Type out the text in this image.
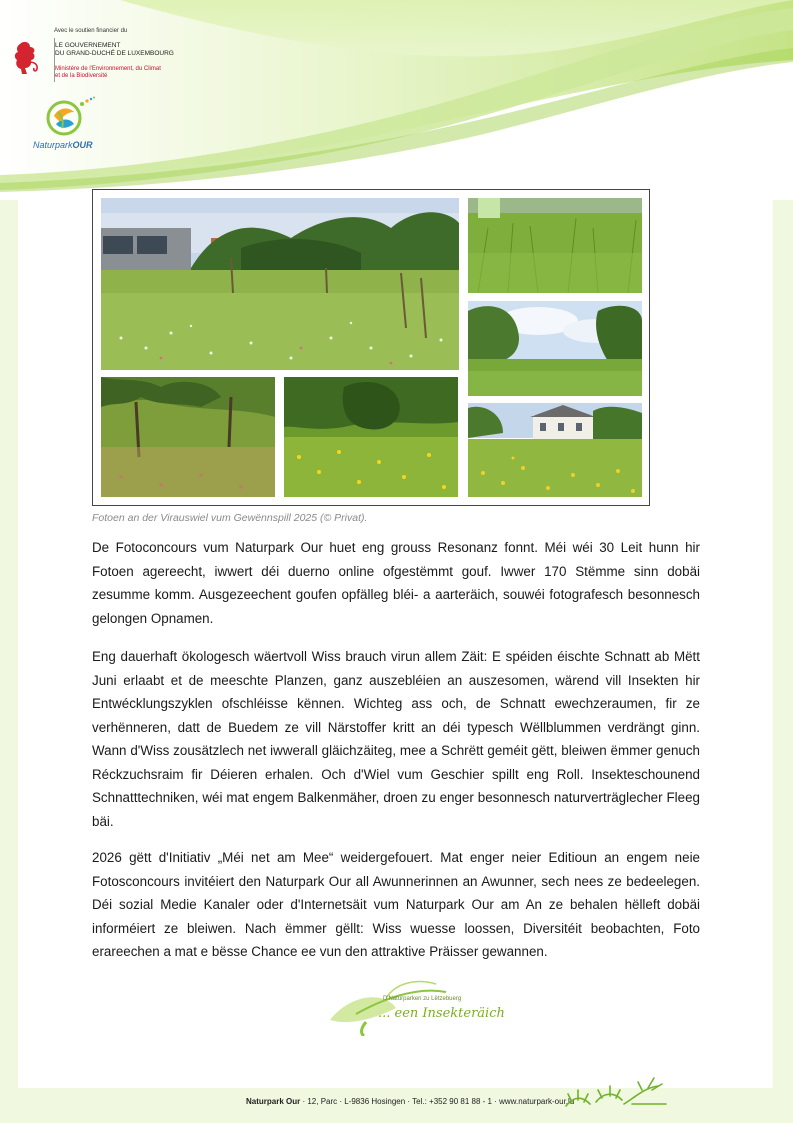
Avec le soutien financier du
LE GOUVERNEMENT
DU GRAND-DUCHÉ DE LUXEMBOURG
Ministère de l'Environnement, du Climat
et de la Biodiversité
NaturparkOUR
Fotoen an der Virauswiel vum Gewënnspill 2025 (© Privat).

De Fotoconcours vum Naturpark Our huet eng grouss Resonanz fonnt. Méi wéi 30 Leit hunn hir Fotoen agereecht, iwwert déi duerno online ofgestëmmt gouf. Iwwer 170 Stëmme sinn dobäi zesumme komm. Ausgezeechent goufen opfälleg bléi- a aarteräich, souwéi fotografesch besonnesch gelongen Opnamen.

Eng dauerhaft ökologesch wäertvoll Wiss brauch virun allem Zäit: E spéiden éischte Schnatt ab Mëtt Juni erlaabt et de meeschte Planzen, ganz auszebléien an auszesomen, wärend vill Insekten hir Entwécklungszyklen ofschléisse kënnen. Wichteg ass och, de Schnatt ewechzeraumen, fir ze verhënneren, datt de Buedem ze vill Närstoffer kritt an déi typesch Wëllblummen verdrängt ginn. Wann d'Wiss zousätzlech net iwwerall gläichzäiteg, mee a Schrëtt geméit gëtt, bleiwen ëmmer genuch Réckzuchsraim fir Déieren erhalen. Och d'Wiel vum Geschier spillt eng Roll. Insekteschounend Schnatttechniken, wéi mat engem Balkenmäher, droen zu enger besonnesch naturverträglecher Fleeg bäi.

2026 gëtt d'Initiativ „Méi net am Mee“ weidergefouert. Mat enger neier Editioun an engem neie Fotosconcours invitéiert den Naturpark Our all Awunnerinnen an Awunner, sech nees ze bedeelegen. Déi sozial Medie Kanaler oder d'Internetsäit vum Naturpark Our am An ze behalen hëlleft dobäi informéiert ze bleiwen. Nach ëmmer gëllt: Wiss wuesse loossen, Diversitéit beobachten, Foto erareechen a mat e bësse Chance ee vun den attraktive Präisser gewannen.

D'Naturparken zu Lëtzebuerg
... een Insekteräich
Naturpark Our · 12, Parc · L-9836 Hosingen · Tel.: +352 90 81 88 - 1 · www.naturpark-our.lu
